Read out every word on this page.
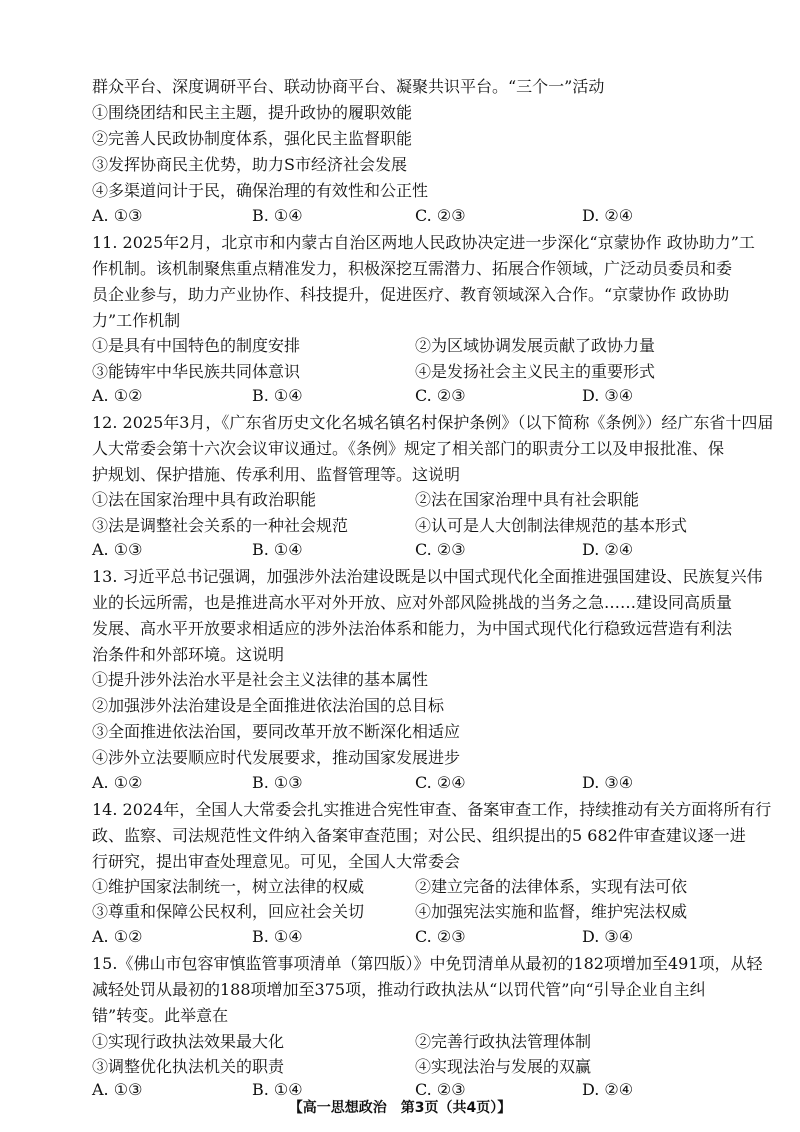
群众平台、深度调研平台、联动协商平台、凝聚共识平台。“三个一”活动
①围绕团结和民主主题，提升政协的履职效能
②完善人民政协制度体系，强化民主监督职能
③发挥协商民主优势，助力S市经济社会发展
④多渠道问计于民，确保治理的有效性和公正性
A. ①③	B. ①④	C. ②③	D. ②④
11. 2025年2月，北京市和内蒙古自治区两地人民政协决定进一步深化“京蒙协作 政协助力”工
作机制。该机制聚焦重点精准发力，积极深挖互需潜力、拓展合作领域，广泛动员委员和委
员企业参与，助力产业协作、科技提升，促进医疗、教育领域深入合作。“京蒙协作 政协助
力”工作机制
①是具有中国特色的制度安排	②为区域协调发展贡献了政协力量
③能铸牢中华民族共同体意识	④是发扬社会主义民主的重要形式
A. ①②	B. ①④	C. ②③	D. ③④
12. 2025年3月，《广东省历史文化名城名镇名村保护条例》（以下简称《条例》）经广东省十四届
人大常委会第十六次会议审议通过。《条例》规定了相关部门的职责分工以及申报批准、保
护规划、保护措施、传承利用、监督管理等。这说明
①法在国家治理中具有政治职能	②法在国家治理中具有社会职能
③法是调整社会关系的一种社会规范	④认可是人大创制法律规范的基本形式
A. ①③	B. ①④	C. ②③	D. ②④
13. 习近平总书记强调，加强涉外法治建设既是以中国式现代化全面推进强国建设、民族复兴伟
业的长远所需，也是推进高水平对外开放、应对外部风险挑战的当务之急……建设同高质量
发展、高水平开放要求相适应的涉外法治体系和能力，为中国式现代化行稳致远营造有利法
治条件和外部环境。这说明
①提升涉外法治水平是社会主义法律的基本属性
②加强涉外法治建设是全面推进依法治国的总目标
③全面推进依法治国，要同改革开放不断深化相适应
④涉外立法要顺应时代发展要求，推动国家发展进步
A. ①②	B. ①③	C. ②④	D. ③④
14. 2024年，全国人大常委会扎实推进合宪性审查、备案审查工作，持续推动有关方面将所有行
政、监察、司法规范性文件纳入备案审查范围；对公民、组织提出的5 682件审查建议逐一进
行研究，提出审查处理意见。可见，全国人大常委会
①维护国家法制统一，树立法律的权威	②建立完备的法律体系，实现有法可依
③尊重和保障公民权利，回应社会关切	④加强宪法实施和监督，维护宪法权威
A. ①②	B. ①④	C. ②③	D. ③④
15.《佛山市包容审慎监管事项清单（第四版）》中免罚清单从最初的182项增加至491项，从轻
减轻处罚从最初的188项增加至375项，推动行政执法从“以罚代管”向“引导企业自主纠
错”转变。此举意在
①实现行政执法效果最大化	②完善行政执法管理体制
③调整优化执法机关的职责	④实现法治与发展的双赢
A. ①③	B. ①④	C. ②③	D. ②④
【高一思想政治　第3页（共4页）】
